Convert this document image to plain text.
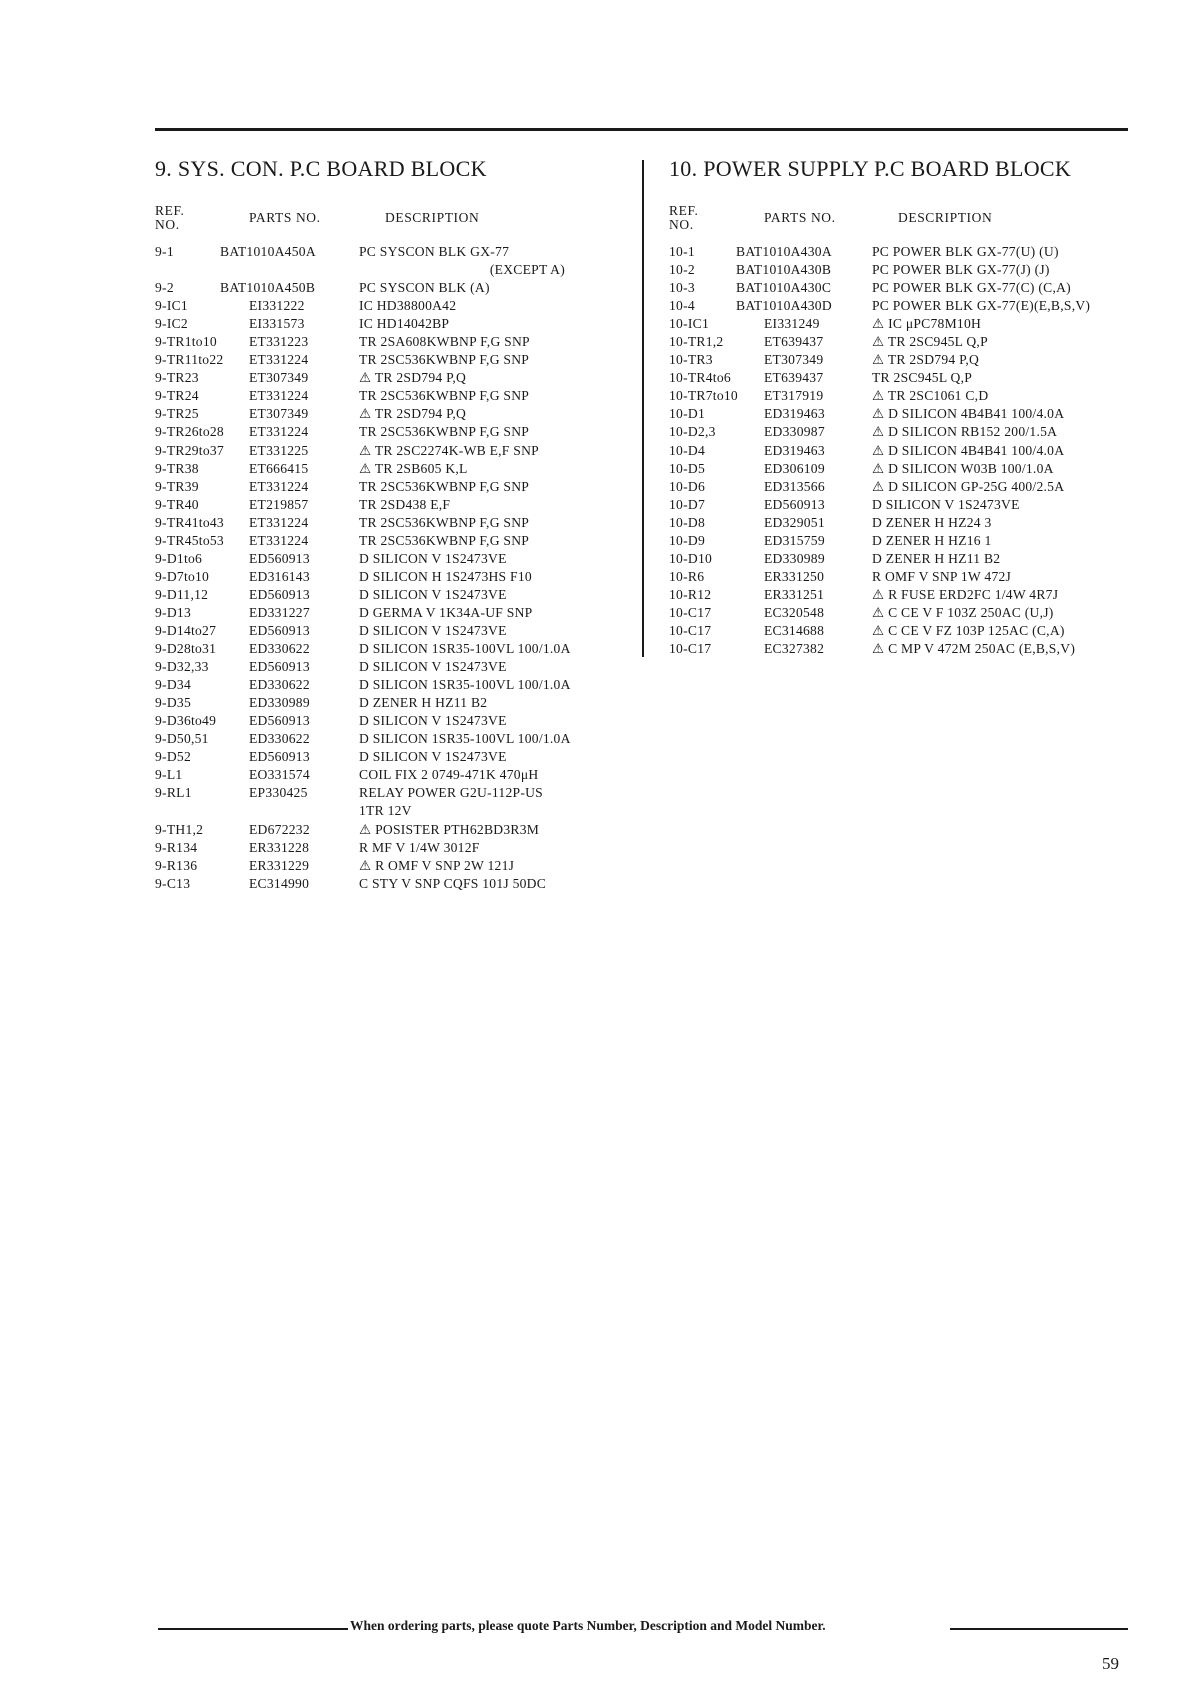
9. SYS. CON. P.C BOARD BLOCK
REF.
NO.	PARTS NO.	DESCRIPTION
9-1	BAT1010A450A	PC SYSCON BLK GX-77
(EXCEPT A)
9-2	BAT1010A450B	PC SYSCON BLK (A)
9-IC1	EI331222	IC HD38800A42
9-IC2	EI331573	IC HD14042BP
9-TR1to10 ET331223	TR 2SA608KWBNP F,G SNP
9-TR11to22 ET331224	TR 2SC536KWBNP F,G SNP
9-TR23	ET307349	⚠ TR 2SD794 P,Q
9-TR24	ET331224	TR 2SC536KWBNP F,G SNP
9-TR25	ET307349	⚠ TR 2SD794 P,Q
9-TR26to28 ET331224	TR 2SC536KWBNP F,G SNP
9-TR29to37 ET331225	⚠ TR 2SC2274K-WB E,F SNP
9-TR38	ET666415	⚠ TR 2SB605 K,L
9-TR39	ET331224	TR 2SC536KWBNP F,G SNP
9-TR40	ET219857	TR 2SD438 E,F
9-TR41to43 ET331224	TR 2SC536KWBNP F,G SNP
9-TR45to53 ET331224	TR 2SC536KWBNP F,G SNP
9-D1to6	ED560913	D SILICON V 1S2473VE
9-D7to10	ED316143	D SILICON H 1S2473HS F10
9-D11,12	ED560913	D SILICON V 1S2473VE
9-D13	ED331227	D GERMA V 1K34A-UF SNP
9-D14to27 ED560913	D SILICON V 1S2473VE
9-D28to31 ED330622	D SILICON 1SR35-100VL 100/1.0A
9-D32,33	ED560913	D SILICON V 1S2473VE
9-D34	ED330622	D SILICON 1SR35-100VL 100/1.0A
9-D35	ED330989	D ZENER H HZ11 B2
9-D36to49 ED560913	D SILICON V 1S2473VE
9-D50,51	ED330622	D SILICON 1SR35-100VL 100/1.0A
9-D52	ED560913	D SILICON V 1S2473VE
9-L1	EO331574	COIL FIX 2 0749-471K 470μH
9-RL1	EP330425	RELAY POWER G2U-112P-US
1TR 12V
9-TH1,2	ED672232	⚠ POSISTER PTH62BD3R3M
9-R134	ER331228	R MF V 1/4W 3012F
9-R136	ER331229	⚠ R OMF V SNP 2W 121J
9-C13	EC314990	C STY V SNP CQFS 101J 50DC
10. POWER SUPPLY P.C BOARD BLOCK
REF.
NO.	PARTS NO.	DESCRIPTION
10-1	BAT1010A430A	PC POWER BLK GX-77(U) (U)
10-2	BAT1010A430B	PC POWER BLK GX-77(J) (J)
10-3	BAT1010A430C	PC POWER BLK GX-77(C) (C,A)
10-4	BAT1010A430D	PC POWER BLK GX-77(E)(E,B,S,V)
10-IC1	EI331249	⚠ IC μPC78M10H
10-TR1,2	ET639437	⚠ TR 2SC945L Q,P
10-TR3	ET307349	⚠ TR 2SD794 P,Q
10-TR4to6 ET639437	TR 2SC945L Q,P
10-TR7to10 ET317919	⚠ TR 2SC1061 C,D
10-D1	ED319463	⚠ D SILICON 4B4B41 100/4.0A
10-D2,3	ED330987	⚠ D SILICON RB152 200/1.5A
10-D4	ED319463	⚠ D SILICON 4B4B41 100/4.0A
10-D5	ED306109	⚠ D SILICON W03B 100/1.0A
10-D6	ED313566	⚠ D SILICON GP-25G 400/2.5A
10-D7	ED560913	D SILICON V 1S2473VE
10-D8	ED329051	D ZENER H HZ24 3
10-D9	ED315759	D ZENER H HZ16 1
10-D10	ED330989	D ZENER H HZ11 B2
10-R6	ER331250	R OMF V SNP 1W 472J
10-R12	ER331251	⚠ R FUSE ERD2FC 1/4W 4R7J
10-C17	EC320548	⚠ C CE V F 103Z 250AC (U,J)
10-C17	EC314688	⚠ C CE V FZ 103P 125AC (C,A)
10-C17	EC327382	⚠ C MP V 472M 250AC (E,B,S,V)
When ordering parts, please quote Parts Number, Description and Model Number.
59
